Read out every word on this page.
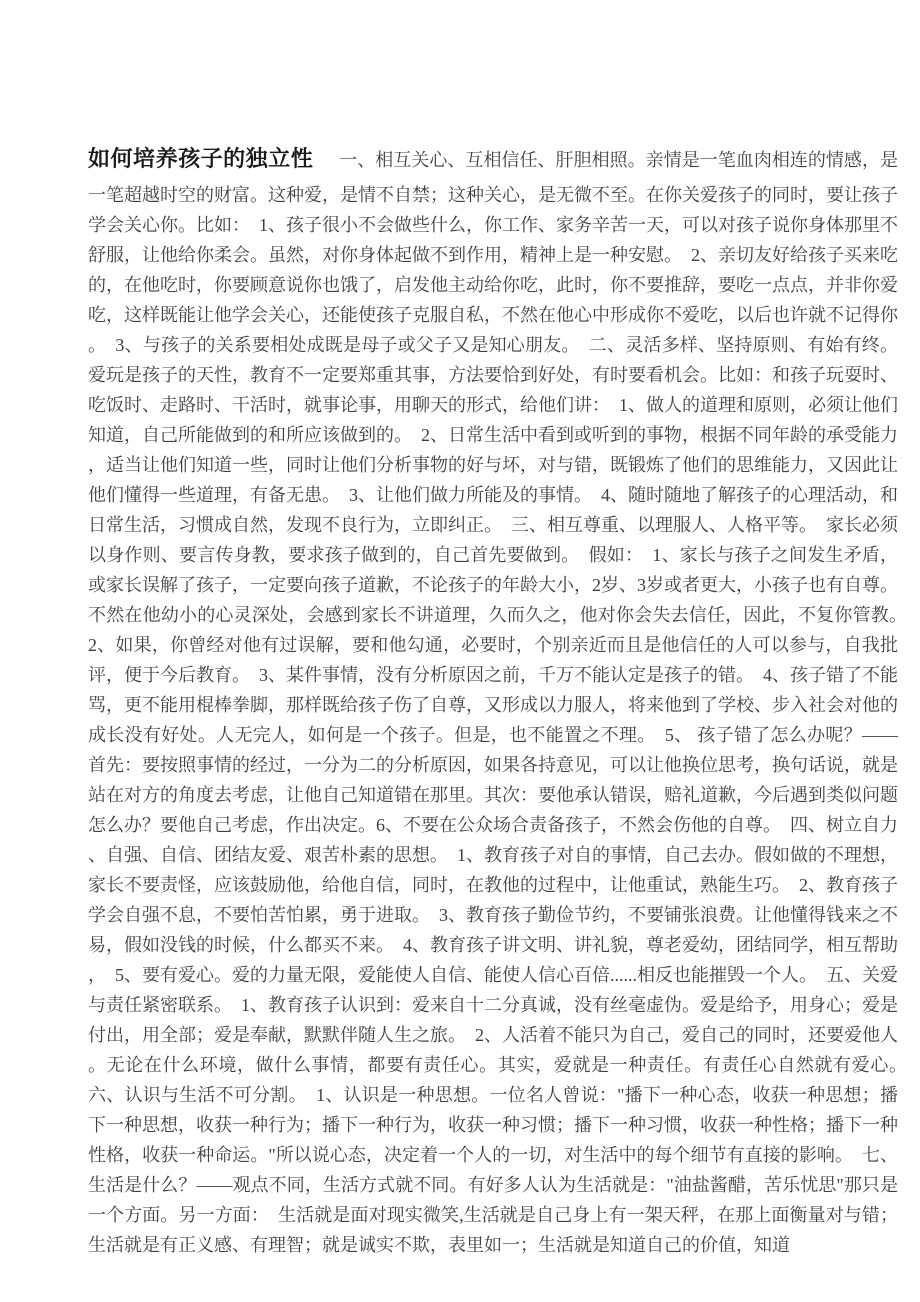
如何培养孩子的独立性 一、相互关心、互相信任、肝胆相照。亲情是一笔血肉相连的情感，是一笔超越时空的财富。这种爱，是情不自禁；这种关心，是无微不至。在你关爱孩子的同时，要让孩子学会关心你。比如：　1、孩子很小不会做些什么，你工作、家务辛苦一天，可以对孩子说你身体那里不舒服，让他给你柔会。虽然，对你身体起做不到作用，精神上是一种安慰。　2、亲切友好给孩子买来吃的，在他吃时，你要顾意说你也饿了，启发他主动给你吃，此时，你不要推辞，要吃一点点，并非你爱吃，这样既能让他学会关心，还能使孩子克服自私，不然在他心中形成你不爱吃，以后也许就不记得你。　3、与孩子的关系要相处成既是母子或父子又是知心朋友。　二、灵活多样、坚持原则、有始有终。爱玩是孩子的天性，教育不一定要郑重其事，方法要恰到好处，有时要看机会。比如：和孩子玩耍时、吃饭时、走路时、干活时，就事论事，用聊天的形式，给他们讲：　1、做人的道理和原则，必须让他们知道，自己所能做到的和所应该做到的。　2、日常生活中看到或听到的事物，根据不同年龄的承受能力，适当让他们知道一些，同时让他们分析事物的好与坏，对与错，既锻炼了他们的思维能力，又因此让他们懂得一些道理，有备无患。　3、让他们做力所能及的事情。　4、随时随地了解孩子的心理活动，和日常生活，习惯成自然，发现不良行为，立即纠正。　三、相互尊重、以理服人、人格平等。　家长必须以身作则、要言传身教，要求孩子做到的，自己首先要做到。　假如：　1、家长与孩子之间发生矛盾，或家长误解了孩子，一定要向孩子道歉，不论孩子的年龄大小，2岁、3岁或者更大，小孩子也有自尊。不然在他幼小的心灵深处，会感到家长不讲道理，久而久之，他对你会失去信任，因此，不复你管教。　2、如果，你曾经对他有过误解，要和他勾通，必要时，个别亲近而且是他信任的人可以参与，自我批评，便于今后教育。　3、某件事情，没有分析原因之前，千万不能认定是孩子的错。　4、孩子错了不能骂，更不能用棍棒拳脚，那样既给孩子伤了自尊，又形成以力服人，将来他到了学校、步入社会对他的成长没有好处。人无完人，如何是一个孩子。但是，也不能置之不理。　5、 孩子错了怎么办呢？—— 首先：要按照事情的经过，一分为二的分析原因，如果各持意见，可以让他换位思考，换句话说，就是站在对方的角度去考虑，让他自己知道错在那里。其次：要他承认错误，赔礼道歉，今后遇到类似问题怎么办？要他自己考虑，作出决定。6、不要在公众场合责备孩子，不然会伤他的自尊。　四、树立自力、自强、自信、团结友爱、艰苦朴素的思想。　1、教育孩子对自的事情，自己去办。假如做的不理想，家长不要责怪，应该鼓励他，给他自信，同时，在教他的过程中，让他重试，熟能生巧。　2、教育孩子学会自强不息，不要怕苦怕累，勇于进取。　3、教育孩子勤俭节约，不要铺张浪费。让他懂得钱来之不易，假如没钱的时候，什么都买不来。　4、教育孩子讲文明、讲礼貌，尊老爱幼，团结同学，相互帮助，　5、要有爱心。爱的力量无限，爱能使人自信、能使人信心百倍......相反也能摧毁一个人。　五、关爱与责任紧密联系。　1、教育孩子认识到：爱来自十二分真诚，没有丝毫虚伪。爱是给予，用身心；爱是付出，用全部；爱是奉献，默默伴随人生之旅。　2、人活着不能只为自己，爱自己的同时，还要爱他人。无论在什么环境，做什么事情，都要有责任心。其实，爱就是一种责任。有责任心自然就有爱心。　六、认识与生活不可分割。　1、认识是一种思想。一位名人曾说："播下一种心态，收获一种思想；播下一种思想，收获一种行为；播下一种行为，收获一种习惯；播下一种习惯，收获一种性格；播下一种性格，收获一种命运。"所以说心态，决定着一个人的一切，对生活中的每个细节有直接的影响。　七、生活是什么？——观点不同，生活方式就不同。有好多人认为生活就是："油盐酱醋，苦乐忧思"那只是一个方面。另一方面：　生活就是面对现实微笑,生活就是自己身上有一架天秤，在那上面衡量对与错；生活就是有正义感、有理智；就是诚实不欺，表里如一；生活就是知道自己的价值，知道
